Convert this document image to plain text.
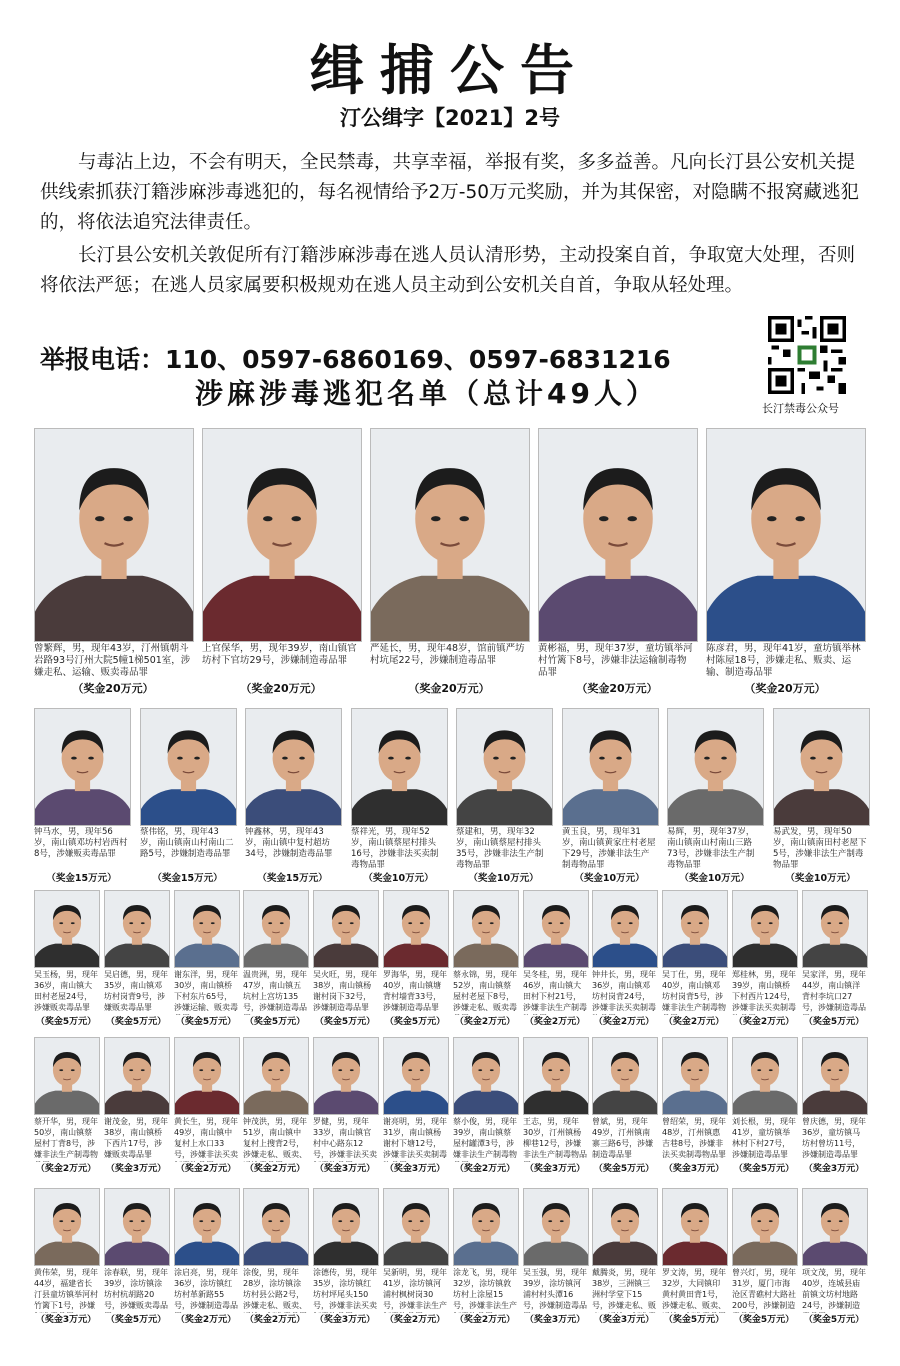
缉捕公告
汀公缉字【2021】2号

与毒沾上边，不会有明天，全民禁毒，共享幸福，举报有奖，多多益善。凡向长汀县公安机关提供线索抓获汀籍涉麻涉毒逃犯的，每名视情给予2万-50万元奖励，并为其保密，对隐瞒不报窝藏逃犯的，将依法追究法律责任。

长汀县公安机关敦促所有汀籍涉麻涉毒在逃人员认清形势，主动投案自首，争取宽大处理，否则将依法严惩；在逃人员家属要积极规劝在逃人员主动到公安机关自首，争取从轻处理。

举报电话：110、0597-6860169、0597-6831216
涉麻涉毒逃犯名单（总计49人）	长汀禁毒公众号
曾繁辉，男，现年43岁，汀州镇朝斗岩路93号汀州大院5幢1梯501室，涉嫌走私、运输、贩卖毒品罪
（奖金20万元）
上官保华，男，现年39岁，南山镇官坊村下官坊29号，涉嫌制造毒品罪
（奖金20万元）
严延长，男，现年48岁，馆前镇严坊村坑尾22号，涉嫌制造毒品罪
（奖金20万元）
黄彬福，男，现年37岁，童坊镇举河村竹篱下8号，涉嫌非法运输制毒物品罪
（奖金20万元）
陈彦君，男，现年41岁，童坊镇举林村陈屋18号，涉嫌走私、贩卖、运输、制造毒品罪
（奖金20万元）
钟马水，男，现年56岁，南山镇邓坊村岩西村8号，涉嫌贩卖毒品罪
（奖金15万元）
蔡伟铭，男，现年43岁，南山镇南山村南山二路5号，涉嫌制造毒品罪
（奖金15万元）
钟鑫林，男，现年43岁，南山镇中复村超坊34号，涉嫌制造毒品罪
（奖金15万元）
蔡祥光，男，现年52岁，南山镇蔡屋村排头16号，涉嫌非法买卖制毒物品罪
（奖金10万元）
蔡建和，男，现年32岁，南山镇蔡屋村排头35号，涉嫌非法生产制毒物品罪
（奖金10万元）
黄玉良，男，现年31岁，南山镇黄家庄村老屋下29号，涉嫌非法生产制毒物品罪
（奖金10万元）
易辉，男，现年37岁，南山镇南山村南山三路73号，涉嫌非法生产制毒物品罪
（奖金10万元）
易武发，男，现年50岁，南山镇南田村老屋下5号，涉嫌非法生产制毒物品罪
（奖金10万元）
吴玉杨，男，现年36岁，南山镇大田村老屋24号，涉嫌贩卖毒品罪
（奖金5万元）
吴启德，男，现年35岁，南山镇邓坊村岗背9号，涉嫌贩卖毒品罪
（奖金5万元）
谢东洋，男，现年30岁，南山镇桥下村东片65号，涉嫌运输、贩卖毒
（奖金5万元）
温贵洲，男，现年47岁，南山镇五坑村上宫坊135号，涉嫌制造毒品
（奖金5万元）
吴火旺，男，现年38岁，南山镇杨谢村岗下32号，涉嫌制造毒品罪
（奖金5万元）
罗海华，男，现年40岁，南山镇塘背村墙背33号，涉嫌制造毒品罪
（奖金5万元）
蔡永锦，男，现年52岁，南山镇蔡屋村老屋下8号，涉嫌走私、贩卖毒
（奖金2万元）
吴冬桂，男，现年46岁，南山镇大田村下村21号，涉嫌非法生产制毒
（奖金2万元）
钟井长，男，现年36岁，南山镇邓坊村岗背24号，涉嫌非法买卖制毒
（奖金2万元）
吴丁仕，男，现年40岁，南山镇邓坊村岗背5号，涉嫌非法生产制毒物
（奖金2万元）
郑桂林，男，现年39岁，南山镇桥下村西片124号，涉嫌非法买卖制毒
（奖金2万元）
吴家洋，男，现年44岁，南山镇洋背村李坑口27号，涉嫌制造毒品
（奖金5万元）
蔡开华，男，现年50岁，南山镇蔡屋村丁背8号，涉嫌非法生产制毒物
（奖金2万元）
谢茂金，男，现年38岁，南山镇桥下西片17号，涉嫌贩卖毒品罪
（奖金3万元）
黄长生，男，现年49岁，南山镇中复村上水口33号，涉嫌非法买卖
（奖金2万元）
钟茂洪，男，现年51岁，南山镇中复村上搜背2号，涉嫌走私、贩卖、
（奖金2万元）
罗健，男，现年33岁，南山镇官村中心路东12号，涉嫌非法买卖
（奖金3万元）
谢亮明，男，现年31岁，南山镇杨谢村下塘12号，涉嫌非法买卖制毒
（奖金3万元）
蔡小俊，男，现年39岁，南山镇蔡屋村罐潭3号，涉嫌非法生产制毒物
（奖金2万元）
王志，男，现年30岁，汀州镇杨柳巷12号，涉嫌非法生产制毒物品
（奖金3万元）
曾斌，男，现年49岁，汀州镇南寨三路6号，涉嫌制造毒品罪
（奖金5万元）
曾绍荣，男，现年48岁，汀州镇惠吉巷8号，涉嫌非法买卖制毒物品罪
（奖金3万元）
刘长根，男，现年41岁，童坊镇举林村下村27号，涉嫌制造毒品罪
（奖金5万元）
曾庆德，男，现年36岁，童坊镇马坊村曾坊11号，涉嫌制造毒品罪
（奖金3万元）
黄伟荣，男，现年44岁，福建省长汀县童坊镇举河村竹篱下1号，涉嫌
（奖金3万元）
涂春联，男，现年39岁，涂坊镇涂坊村杭胡路20号，涉嫌贩卖毒品
（奖金5万元）
涂启亮，男，现年36岁，涂坊镇红坊村革新路55号，涉嫌制造毒品
（奖金2万元）
涂俊，男，现年28岁，涂坊镇涂坊村县公路2号，涉嫌走私、贩卖、
（奖金2万元）
涂德传，男，现年35岁，涂坊镇红坊村坪尾头150号，涉嫌非法买卖
（奖金3万元）
吴新明，男，现年41岁，涂坊镇河浦村枫树岗30号，涉嫌非法生产
（奖金2万元）
涂龙飞，男，现年32岁，涂坊镇敦坊村上涂屋15号，涉嫌非法生产
（奖金2万元）
吴玉强，男，现年39岁，涂坊镇河浦村村头潭16号，涉嫌制造毒品
（奖金3万元）
戴腾炎，男，现年38岁，三洲镇三洲村学堂下15号，涉嫌走私、贩
（奖金3万元）
罗文涛，男，现年32岁，大同镇印黄村黄田背1号，涉嫌走私、贩卖、
（奖金5万元）
曾兴灯，男，现年31岁，厦门市海沧区青礁村大路社200号，涉嫌制造
（奖金5万元）
项文茂，男，现年40岁，连城县庙前镇文坊村地路24号，涉嫌制造
（奖金5万元）
